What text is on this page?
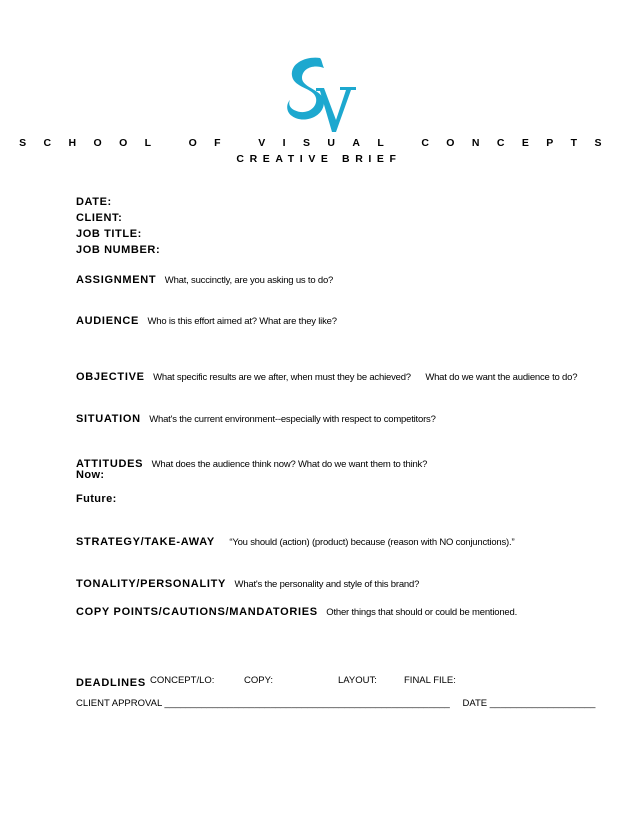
SCHOOL OF VISUAL CONCEPTS
CREATIVE BRIEF
DATE:
CLIENT:
JOB TITLE:
JOB NUMBER:
ASSIGNMENT What, succinctly, are you asking us to do?
AUDIENCE Who is this effort aimed at? What are they like?
OBJECTIVE What specific results are we after, when must they be achieved? What do we want the audience to do?
SITUATION What's the current environment--especially with respect to competitors?
ATTITUDES What does the audience think now? What do we want them to think?
Now:
Future:
STRATEGY/TAKE-AWAY “You should (action) (product) because (reason with NO conjunctions).”
TONALITY/PERSONALITY What's the personality and style of this brand?
COPY POINTS/CAUTIONS/MANDATORIES Other things that should or could be mentioned.
DEADLINES CONCEPT/LO:	COPY:	LAYOUT:	FINAL FILE:
CLIENT APPROVAL ______________________________________________________ DATE ____________________
